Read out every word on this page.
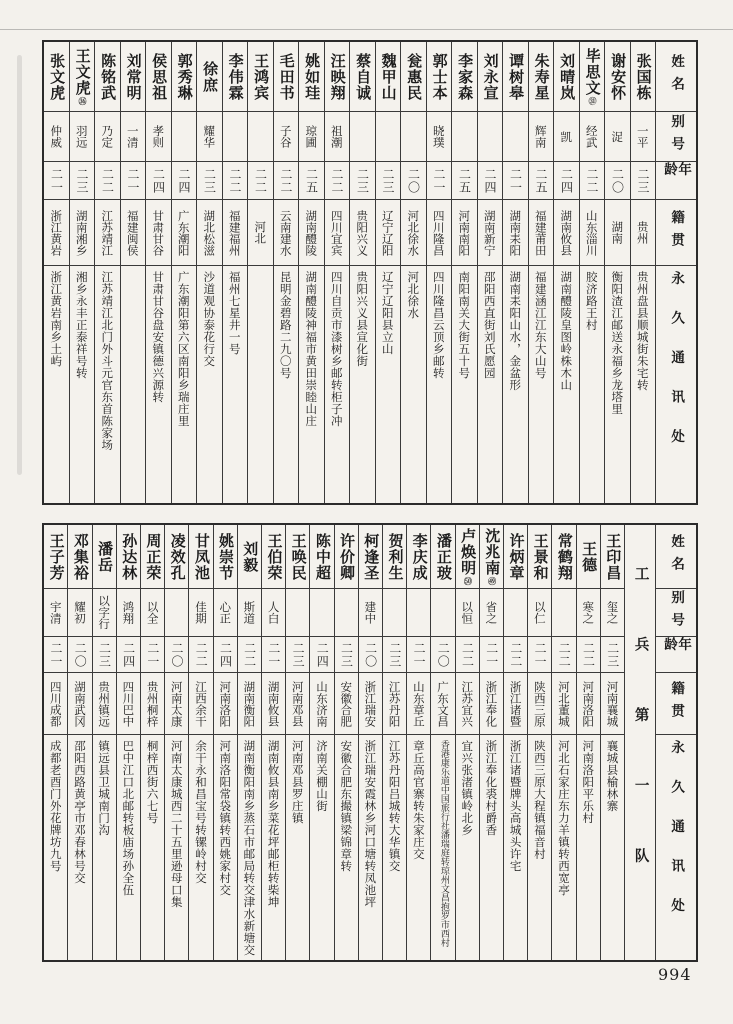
姓名
别号
年龄
籍贯
永久通讯处
张国栋
一平
二三
贵州
贵州盘县顺城街朱宅转
谢安怀
浞
二〇
湖南
衡阳渣江邮送永福乡龙塔里
毕思文
㉛
经武
二二
山东淄川
胶济路王村
刘晴岚
凯
二四
湖南攸县
湖南醴陵皇图岭株木山
朱寿星
辉南
二五
福建莆田
福建涵江江东大山号
谭树皋
二一
湖南耒阳
湖南耒阳山水，金盆形
刘永宣
二四
湖南新宁
邵阳西直街刘氏愿园
李家森
二五
河南南阳
南阳南关大街五十号
郭士本
晓璞
二一
四川隆昌
四川隆昌云顶乡邮转
瓮惠民
二〇
河北徐水
河北徐水
魏甲山
二三
辽宁辽阳
辽宁辽阳县立山
蔡自诚
二三
贵阳兴义
贵阳兴义县宣化街
汪映翔
祖潮
二二
四川宜宾
四川自贡市漆树乡邮转柜子冲
姚如珪
琼圃
二五
湖南醴陵
湖南醴陵神福市黄田崇睦山庄
毛田书
子谷
二二
云南建水
昆明金碧路二九〇号
王鸿宾
二二
河北
李伟霖
二二
福建福州
福州七星井一号
徐庶
耀华
二三
湖北松滋
沙道观协泰花行交
郭秀琳
二四
广东潮阳
广东潮阳第六区南阳乡瑞庄里
侯思祖
孝则
二四
甘肃甘谷
甘肃甘谷盘安镇德兴源转
刘常明
一清
二一
福建闽侯
陈铭武
乃定
二二
江苏靖江
江苏靖江北门外斗元官东首陈家场
王文虎
㊱
羽远
二三
湖南湘乡
湘乡永丰正泰祥号转
张文虎
仲威
二一
浙江黄岩
浙江黄岩南乡土屿
姓名
别号
年龄
籍贯
永久通讯处
工兵第一队
王印昌
玺之
二三
河南襄城
襄城县榆林寨
王德
寒之
二二
河南洛阳
河南洛阳平乐村
常鹤翔
二二
河北董城
河北石家庄东力羊镇转西宽亭
王景和
以仁
二一
陕西三原
陕西三原大程镇福音村
许炳章
二二
浙江诸暨
浙江诸暨牌头高城头许宅
沈兆南
㊾
省之
二一
浙江奉化
浙江奉化裘村爵香
卢焕明
㊿
以恒
二二
江苏宜兴
宜兴张渚镇岭北乡
潘正玻
二〇
广东文昌
香港康乐道中国旅行社潘瑞庭转琼州文昌抱罗市西村
李庆成
二一
山东章丘
章丘高官寨转朱家庄交
贺利生
二三
江苏丹阳
江苏丹阳吕城转大华镇交
柯逢圣
建中
二〇
浙江瑞安
浙江瑞安霞林乡河口塘转凤池坪
许价卿
二三
安徽合肥
安徽合肥东撮镇梁锦章转
陈中超
二四
山东济南
济南关棚山街
王唤民
二三
河南邓县
河南邓县罗庄镇
王伯荣
人白
二一
湖南攸县
湖南攸县南乡菜花坪邮柜转柴坤
刘毅
斯道
二二
湖南衡阳
湖南衡阳南乡蒸石市邮局转交津水新塘交
姚崇节
心正
二四
河南洛阳
河南洛阳常袋镇转西姚家村交
甘凤池
佳期
二二
江西余干
余干永和昌宝号转镙岭村交
凌效孔
二〇
河南太康
河南太康城西二十五里逊母口集
周正荣
以全
二一
贵州桐梓
桐梓西街六七号
孙达林
鸿翔
二四
四川巴中
巴中江口北邮转板庙场孙全伍
潘岳
以字行
二三
贵州镇远
镇远县卫城南门沟
邓集裕
耀初
二〇
湖南武冈
邵阳西路黄亭市邓春林号交
王子芳
宇清
二一
四川成都
成都老酉门外花牌坊九号
994
